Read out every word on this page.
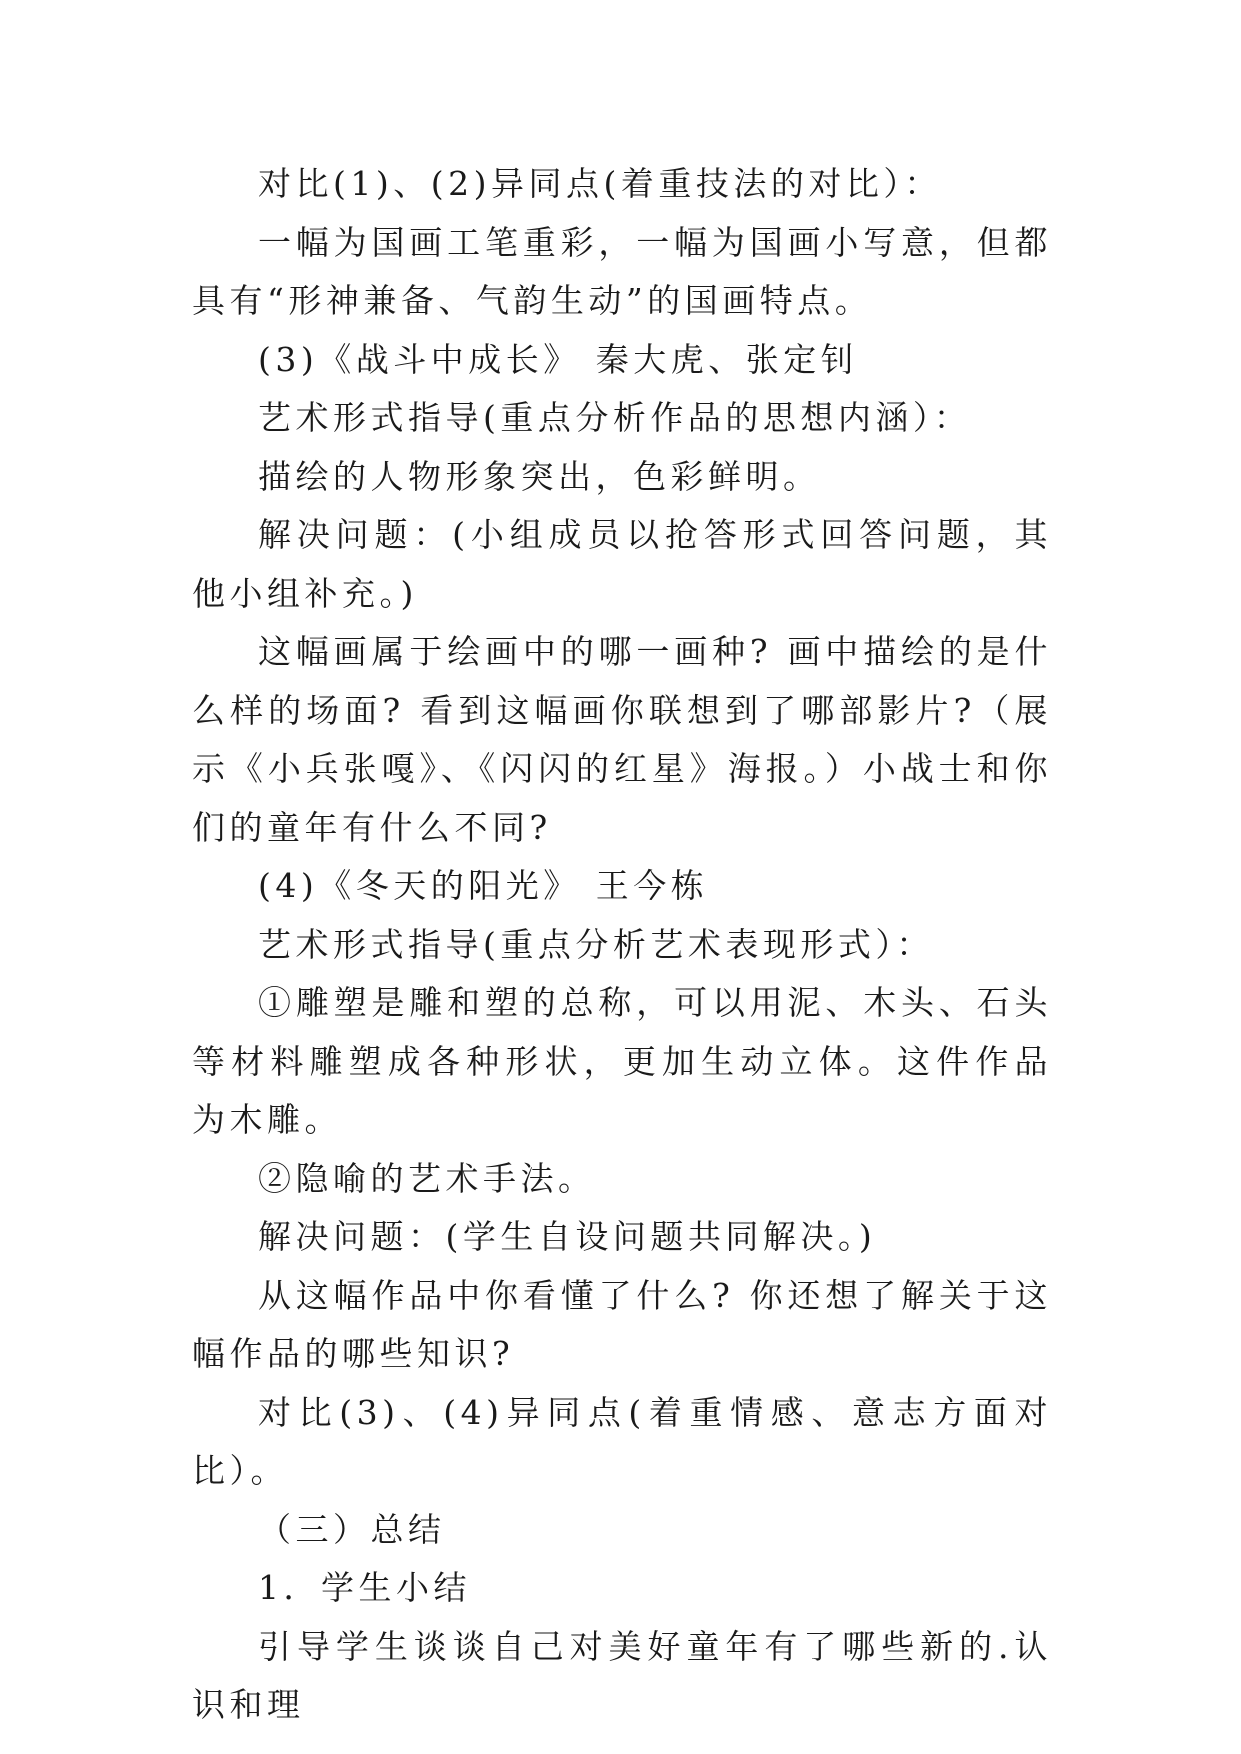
对比(1)、(2)异同点(着重技法的对比）：

一幅为国画工笔重彩，一幅为国画小写意，但都具有“形神兼备、气韵生动”的国画特点。

(3)《战斗中成长》 秦大虎、张定钊

艺术形式指导(重点分析作品的思想内涵）：

描绘的人物形象突出，色彩鲜明。

解决问题：(小组成员以抢答形式回答问题，其他小组补充。)

这幅画属于绘画中的哪一画种? 画中描绘的是什么样的场面? 看到这幅画你联想到了哪部影片?（展示《小兵张嘎》、《闪闪的红星》海报。）小战士和你们的童年有什么不同?

(4)《冬天的阳光》 王今栋

艺术形式指导(重点分析艺术表现形式）：

①雕塑是雕和塑的总称，可以用泥、木头、石头等材料雕塑成各种形状，更加生动立体。这件作品为木雕。

②隐喻的艺术手法。

解决问题：(学生自设问题共同解决。)

从这幅作品中你看懂了什么? 你还想了解关于这幅作品的哪些知识?

对比(3)、(4)异同点(着重情感、意志方面对比）。

（三）总结

1．学生小结

引导学生谈谈自己对美好童年有了哪些新的.认识和理
